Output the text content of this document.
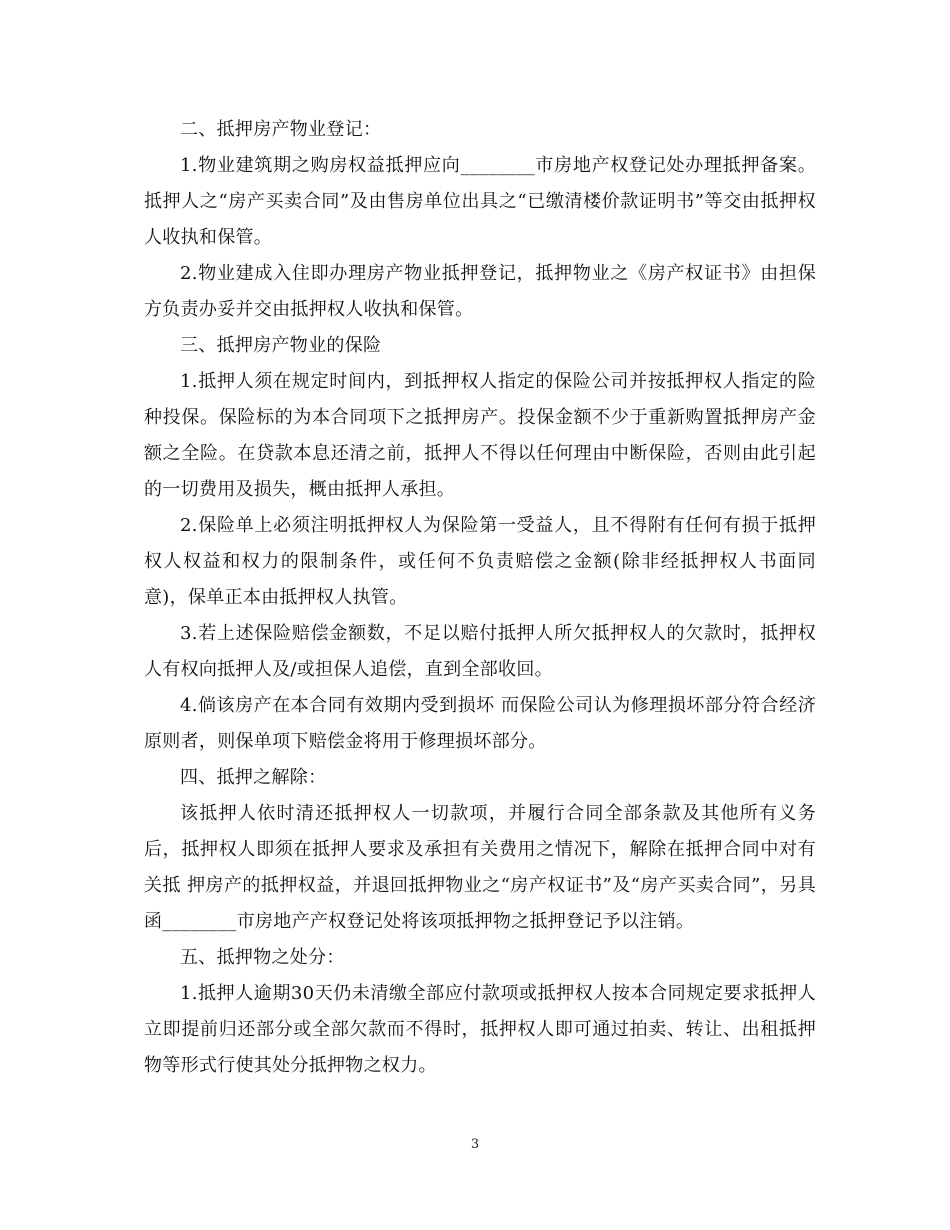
二、抵押房产物业登记：

1.物业建筑期之购房权益抵押应向________市房地产权登记处办理抵押备案。抵押人之“房产买卖合同”及由售房单位出具之“已缴清楼价款证明书”等交由抵押权人收执和保管。

2.物业建成入住即办理房产物业抵押登记，抵押物业之《房产权证书》由担保方负责办妥并交由抵押权人收执和保管。

三、抵押房产物业的保险

1.抵押人须在规定时间内，到抵押权人指定的保险公司并按抵押权人指定的险种投保。保险标的为本合同项下之抵押房产。投保金额不少于重新购置抵押房产金额之全险。在贷款本息还清之前，抵押人不得以任何理由中断保险，否则由此引起的一切费用及损失，概由抵押人承担。

2.保险单上必须注明抵押权人为保险第一受益人，且不得附有任何有损于抵押权人权益和权力的限制条件，或任何不负责赔偿之金额(除非经抵押权人书面同意)，保单正本由抵押权人执管。

3.若上述保险赔偿金额数，不足以赔付抵押人所欠抵押权人的欠款时，抵押权人有权向抵押人及/或担保人追偿，直到全部收回。

4.倘该房产在本合同有效期内受到损坏 而保险公司认为修理损坏部分符合经济原则者，则保单项下赔偿金将用于修理损坏部分。

四、抵押之解除：

该抵押人依时清还抵押权人一切款项，并履行合同全部条款及其他所有义务后，抵押权人即须在抵押人要求及承担有关费用之情况下，解除在抵押合同中对有关抵 押房产的抵押权益，并退回抵押物业之“房产权证书”及“房产买卖合同”，另具函________市房地产产权登记处将该项抵押物之抵押登记予以注销。

五、抵押物之处分：

1.抵押人逾期30天仍未清缴全部应付款项或抵押权人按本合同规定要求抵押人立即提前归还部分或全部欠款而不得时，抵押权人即可通过拍卖、转让、出租抵押物等形式行使其处分抵押物之权力。

3
